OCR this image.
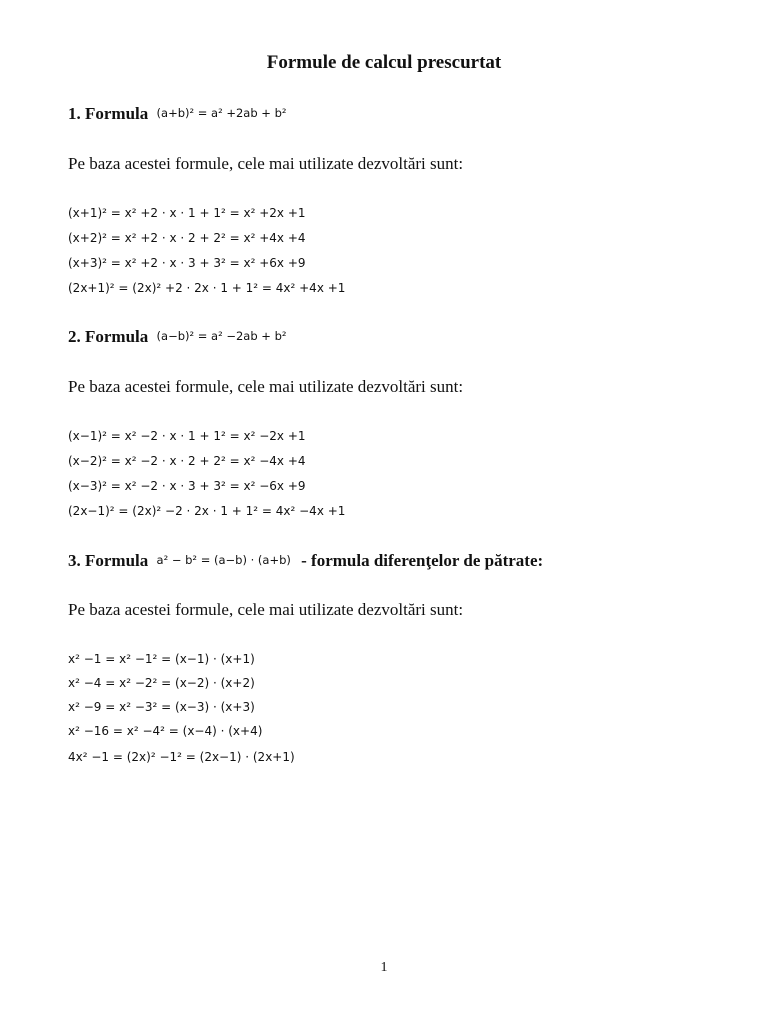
Formule de calcul prescurtat
1. Formula (a+b)² = a² +2ab + b²
Pe baza acestei formule, cele mai utilizate dezvoltări sunt:
(x+1)² = x² +2 · x · 1 + 1² = x² +2x +1
(x+2)² = x² +2 · x · 2 + 2² = x² +4x +4
(x+3)² = x² +2 · x · 3 + 3² = x² +6x +9
(2x+1)² = (2x)² +2 · 2x · 1 + 1² = 4x² +4x +1
2. Formula (a−b)² = a² −2ab + b²
Pe baza acestei formule, cele mai utilizate dezvoltări sunt:
(x−1)² = x² −2 · x · 1 + 1² = x² −2x +1
(x−2)² = x² −2 · x · 2 + 2² = x² −4x +4
(x−3)² = x² −2 · x · 3 + 3² = x² −6x +9
(2x−1)² = (2x)² −2 · 2x · 1 + 1² = 4x² −4x +1
3. Formula a² − b² = (a−b) · (a+b) - formula diferenţelor de pătrate:
Pe baza acestei formule, cele mai utilizate dezvoltări sunt:
x² −1 = x² −1² = (x−1) · (x+1)
x² −4 = x² −2² = (x−2) · (x+2)
x² −9 = x² −3² = (x−3) · (x+3)
x² −16 = x² −4² = (x−4) · (x+4)
4x² −1 = (2x)² −1² = (2x−1) · (2x+1)
1
